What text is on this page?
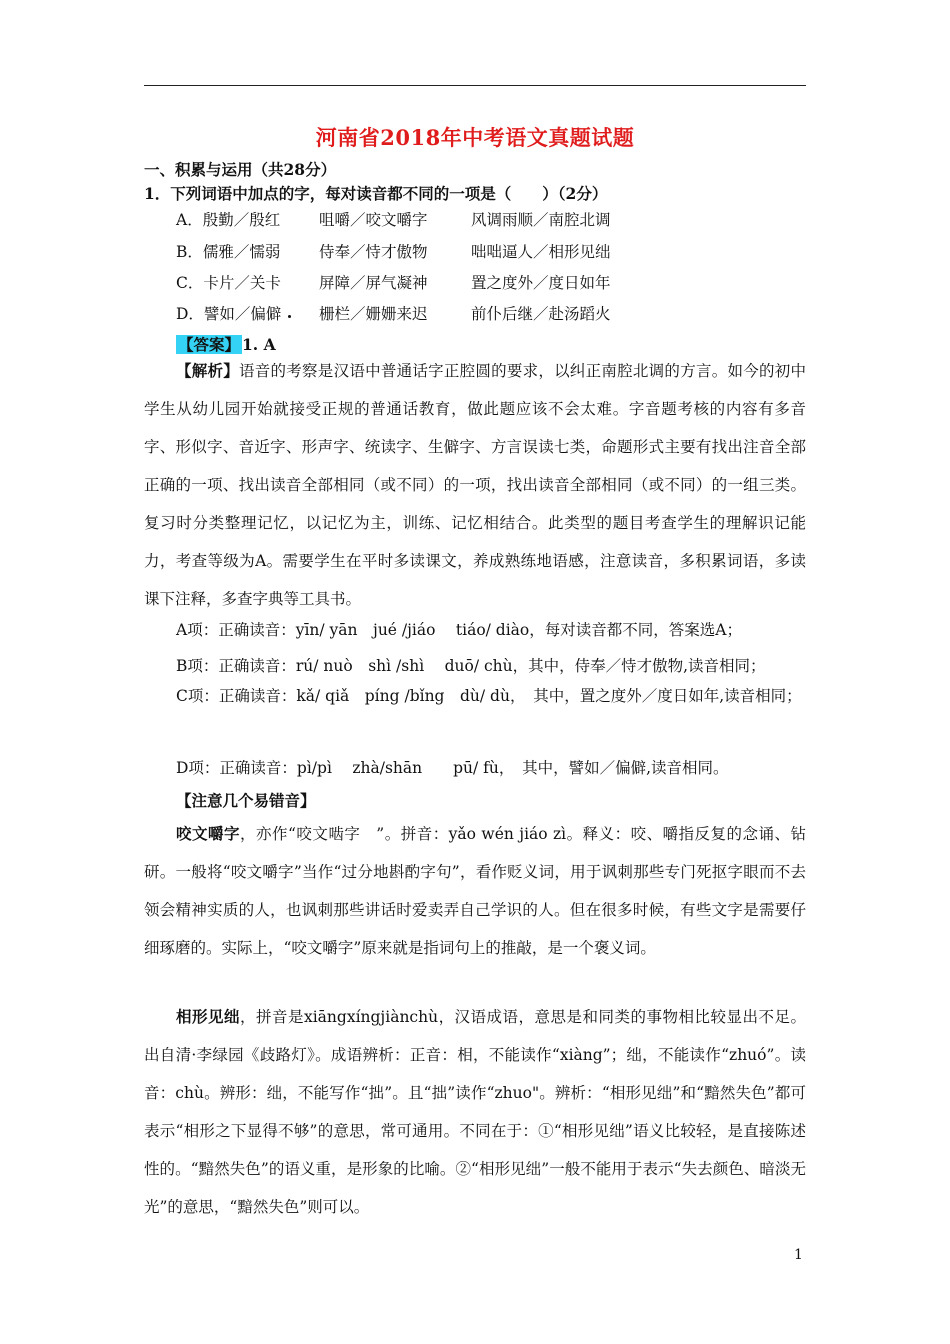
河南省2018年中考语文真题试题
一、积累与运用（共28分）
1．下列词语中加点的字，每对读音都不同的一项是（　　）（2分）
A．殷勤／殷红	咀嚼／咬文嚼字	风调雨顺／南腔北调
B．儒雅／懦弱 侍奉／恃才傲物	咄咄逼人／相形见绌
C．卡片／关卡 屏障／屏气凝神	置之度外／度日如年
D．譬如／偏僻 栅栏／姗姗来迟	前仆后继／赴汤蹈火
【答案】 1. A
【解析】语音的考察是汉语中普通话字正腔圆的要求，以纠正南腔北调的方言。如今的初中学生从幼儿园开始就接受正规的普通话教育，做此题应该不会太难。字音题考核的内容有多音字、形似字、音近字、形声字、统读字、生僻字、方言误读七类，命题形式主要有找出注音全部正确的一项、找出读音全部相同（或不同）的一项，找出读音全部相同（或不同）的一组三类。复习时分类整理记忆，以记忆为主，训练、记忆相结合。此类型的题目考查学生的理解识记能力，考查等级为A。需要学生在平时多读课文，养成熟练地语感，注意读音，多积累词语，多读课下注释，多查字典等工具书。
A项：正确读音：yīn/ yān　jué /jiáo　 tiáo/ diào，每对读音都不同，答案选A；
B项：正确读音：rú/ nuò　shì /shì　 duō/ chù，其中，侍奉／恃才傲物,读音相同；
C项：正确读音：kǎ/ qiǎ　píng /bǐng　dù/ dù，　其中，置之度外／度日如年,读音相同；
D项：正确读音：pì/pì　 zhà/shān　　pū/ fù，　其中，譬如／偏僻,读音相同。
【注意几个易错音】
咬文嚼字，亦作“咬文啮字　”。拼音：yǎo wén jiáo zì。释义：咬、嚼指反复的念诵、钻研。一般将“咬文嚼字”当作“过分地斟酌字句”，看作贬义词，用于讽刺那些专门死抠字眼而不去领会精神实质的人，也讽刺那些讲话时爱卖弄自己学识的人。但在很多时候，有些文字是需要仔细琢磨的。实际上，“咬文嚼字”原来就是指词句上的推敲，是一个褒义词。
相形见绌，拼音是xiāngxíngjiànchù，汉语成语，意思是和同类的事物相比较显出不足。出自清·李绿园《歧路灯》。成语辨析：正音：相，不能读作“xiàng”；绌，不能读作“zhuó”。读音：chù。辨形：绌，不能写作“拙”。且“拙”读作“zhuo"。辨析：“相形见绌”和“黯然失色”都可表示“相形之下显得不够”的意思，常可通用。不同在于：①“相形见绌”语义比较轻，是直接陈述性的。“黯然失色”的语义重，是形象的比喻。②“相形见绌”一般不能用于表示“失去颜色、暗淡无光”的意思，“黯然失色”则可以。
1
